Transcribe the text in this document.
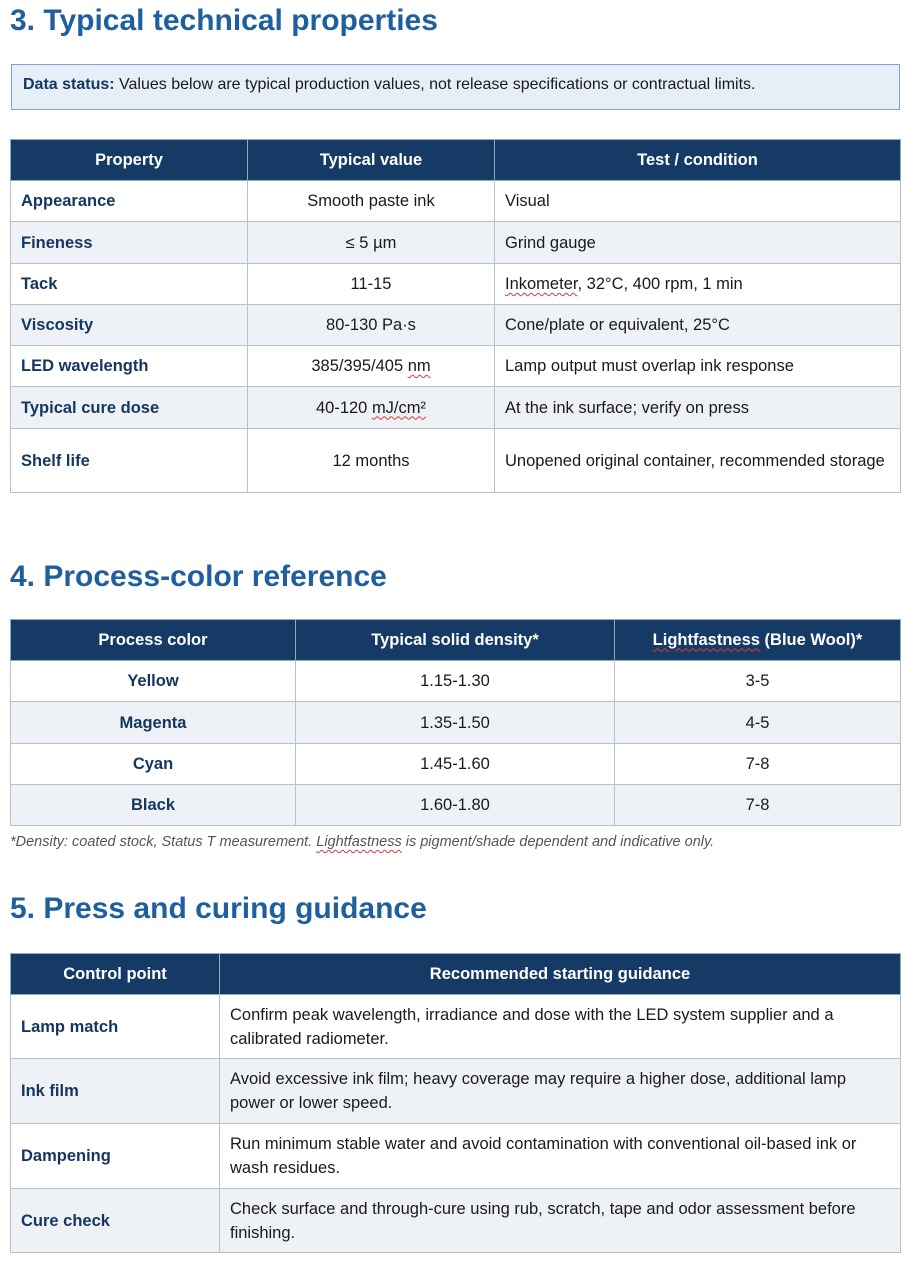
3. Typical technical properties
Data status: Values below are typical production values, not release specifications or contractual limits.
Property	Typical value	Test / condition
Appearance	Smooth paste ink	Visual
Fineness	≤ 5 µm	Grind gauge
Tack	11-15	Inkometer, 32°C, 400 rpm, 1 min
Viscosity	80-130 Pa·s	Cone/plate or equivalent, 25°C
LED wavelength	385/395/405 nm	Lamp output must overlap ink response
Typical cure dose	40-120 mJ/cm²	At the ink surface; verify on press
Shelf life	12 months	Unopened original container, recommended storage
4. Process-color reference
Process color	Typical solid density*	Lightfastness (Blue Wool)*
Yellow	1.15-1.30	3-5
Magenta	1.35-1.50	4-5
Cyan	1.45-1.60	7-8
Black	1.60-1.80	7-8
*Density: coated stock, Status T measurement. Lightfastness is pigment/shade dependent and indicative only.
5. Press and curing guidance
Control point	Recommended starting guidance
Lamp match	Confirm peak wavelength, irradiance and dose with the LED system supplier and a calibrated radiometer.
Ink film	Avoid excessive ink film; heavy coverage may require a higher dose, additional lamp power or lower speed.
Dampening	Run minimum stable water and avoid contamination with conventional oil-based ink or wash residues.
Cure check	Check surface and through-cure using rub, scratch, tape and odor assessment before finishing.
